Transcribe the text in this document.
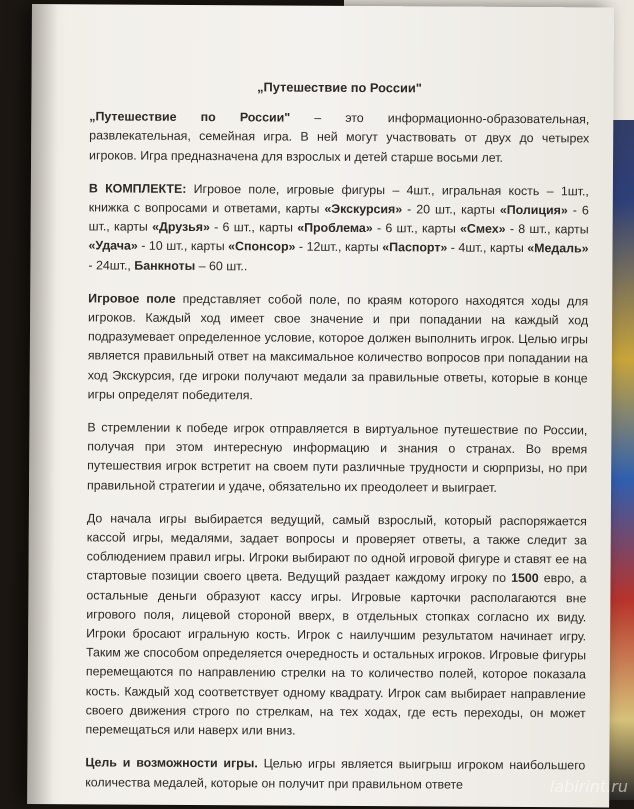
„Путешествие по России"

„Путешествие по России" – это информационно-образовательная, развлекательная, семейная игра. В ней могут участвовать от двух до четырех игроков. Игра предназначена для взрослых и детей старше восьми лет.

В КОМПЛЕКТЕ: Игровое поле, игровые фигуры – 4шт., игральная кость – 1шт., книжка с вопросами и ответами, карты «Экскурсия» - 20 шт., карты «Полиция» - 6 шт., карты «Друзья» - 6 шт., карты «Проблема» - 6 шт., карты «Смех» - 8 шт., карты «Удача» - 10 шт., карты «Спонсор» - 12шт., карты «Паспорт» - 4шт., карты «Медаль» - 24шт., Банкноты – 60 шт..

Игровое поле представляет собой поле, по краям которого находятся ходы для игроков. Каждый ход имеет свое значение и при попадании на каждый ход подразумевает определенное условие, которое должен выполнить игрок. Целью игры является правильный ответ на максимальное количество вопросов при попадании на ход Экскурсия, где игроки получают медали за правильные ответы, которые в конце игры определят победителя.

В стремлении к победе игрок отправляется в виртуальное путешествие по России, получая при этом интересную информацию и знания о странах. Во время путешествия игрок встретит на своем пути различные трудности и сюрпризы, но при правильной стратегии и удаче, обязательно их преодолеет и выиграет.

До начала игры выбирается ведущий, самый взрослый, который распоряжается кассой игры, медалями, задает вопросы и проверяет ответы, а также следит за соблюдением правил игры. Игроки выбирают по одной игровой фигуре и ставят ее на стартовые позиции своего цвета. Ведущий раздает каждому игроку по 1500 евро, а остальные деньги образуют кассу игры. Игровые карточки располагаются вне игрового поля, лицевой стороной вверх, в отдельных стопках согласно их виду. Игроки бросают игральную кость. Игрок с наилучшим результатом начинает игру. Таким же способом определяется очередность и остальных игроков. Игровые фигуры перемещаются по направлению стрелки на то количество полей, которое показала кость. Каждый ход соответствует одному квадрату. Игрок сам выбирает направление своего движения строго по стрелкам, на тех ходах, где есть переходы, он может перемещаться или наверх или вниз.

Цель и возможности игры. Целью игры является выигрыш игроком наибольшего количества медалей, которые он получит при правильном ответе	labirint.ru
